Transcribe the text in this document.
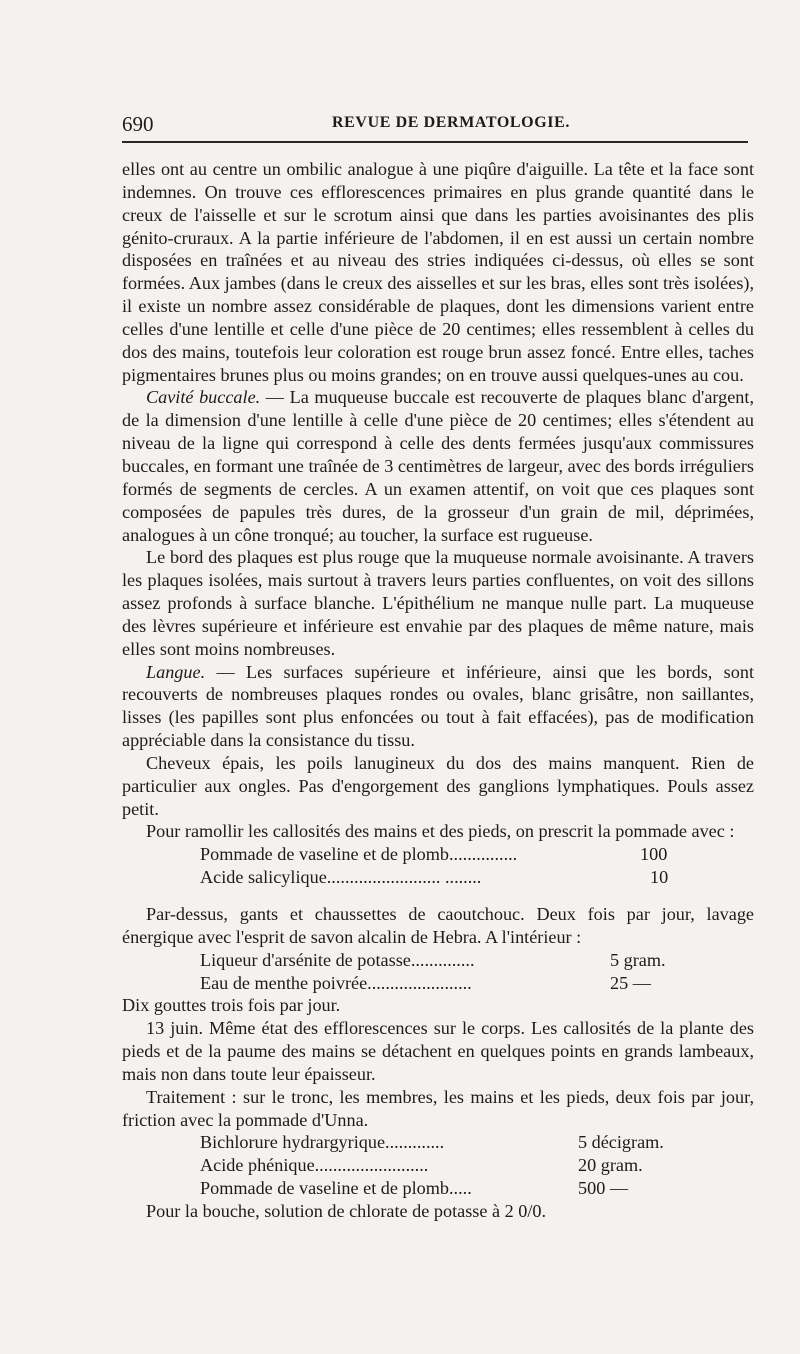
690	REVUE DE DERMATOLOGIE.

elles ont au centre un ombilic analogue à une piqûre d'aiguille. La tête et la face sont indemnes. On trouve ces efflorescences primaires en plus grande quantité dans le creux de l'aisselle et sur le scrotum ainsi que dans les parties avoisinantes des plis génito-cruraux. A la partie inférieure de l'abdomen, il en est aussi un certain nombre disposées en traînées et au niveau des stries indiquées ci-dessus, où elles se sont formées. Aux jambes (dans le creux des aisselles et sur les bras, elles sont très isolées), il existe un nombre assez considérable de plaques, dont les dimensions varient entre celles d'une lentille et celle d'une pièce de 20 centimes; elles ressemblent à celles du dos des mains, toutefois leur coloration est rouge brun assez foncé. Entre elles, taches pigmentaires brunes plus ou moins grandes; on en trouve aussi quelques-unes au cou.

Cavité buccale. — La muqueuse buccale est recouverte de plaques blanc d'argent, de la dimension d'une lentille à celle d'une pièce de 20 centimes; elles s'étendent au niveau de la ligne qui correspond à celle des dents fermées jusqu'aux commissures buccales, en formant une traînée de 3 centimètres de largeur, avec des bords irréguliers formés de segments de cercles. A un examen attentif, on voit que ces plaques sont composées de papules très dures, de la grosseur d'un grain de mil, déprimées, analogues à un cône tronqué; au toucher, la surface est rugueuse.

Le bord des plaques est plus rouge que la muqueuse normale avoisinante. A travers les plaques isolées, mais surtout à travers leurs parties confluentes, on voit des sillons assez profonds à surface blanche. L'épithélium ne manque nulle part. La muqueuse des lèvres supérieure et inférieure est envahie par des plaques de même nature, mais elles sont moins nombreuses.

Langue. — Les surfaces supérieure et inférieure, ainsi que les bords, sont recouverts de nombreuses plaques rondes ou ovales, blanc grisâtre, non saillantes, lisses (les papilles sont plus enfoncées ou tout à fait effacées), pas de modification appréciable dans la consistance du tissu.

Cheveux épais, les poils lanugineux du dos des mains manquent. Rien de particulier aux ongles. Pas d'engorgement des ganglions lymphatiques. Pouls assez petit.

Pour ramollir les callosités des mains et des pieds, on prescrit la pommade avec :

Pommade de vaseline et de plomb...............	100
Acide salicylique......................... ........	10

Par-dessus, gants et chaussettes de caoutchouc. Deux fois par jour, lavage énergique avec l'esprit de savon alcalin de Hebra. A l'intérieur :

Liqueur d'arsénite de potasse..............	5 gram.
Eau de menthe poivrée.......................	25 —

Dix gouttes trois fois par jour.

13 juin. Même état des efflorescences sur le corps. Les callosités de la plante des pieds et de la paume des mains se détachent en quelques points en grands lambeaux, mais non dans toute leur épaisseur.

Traitement : sur le tronc, les membres, les mains et les pieds, deux fois par jour, friction avec la pommade d'Unna.

Bichlorure hydrargyrique.............	5 décigram.
Acide phénique.........................	20 gram.
Pommade de vaseline et de plomb.....	500 —

Pour la bouche, solution de chlorate de potasse à 2 0/0.
